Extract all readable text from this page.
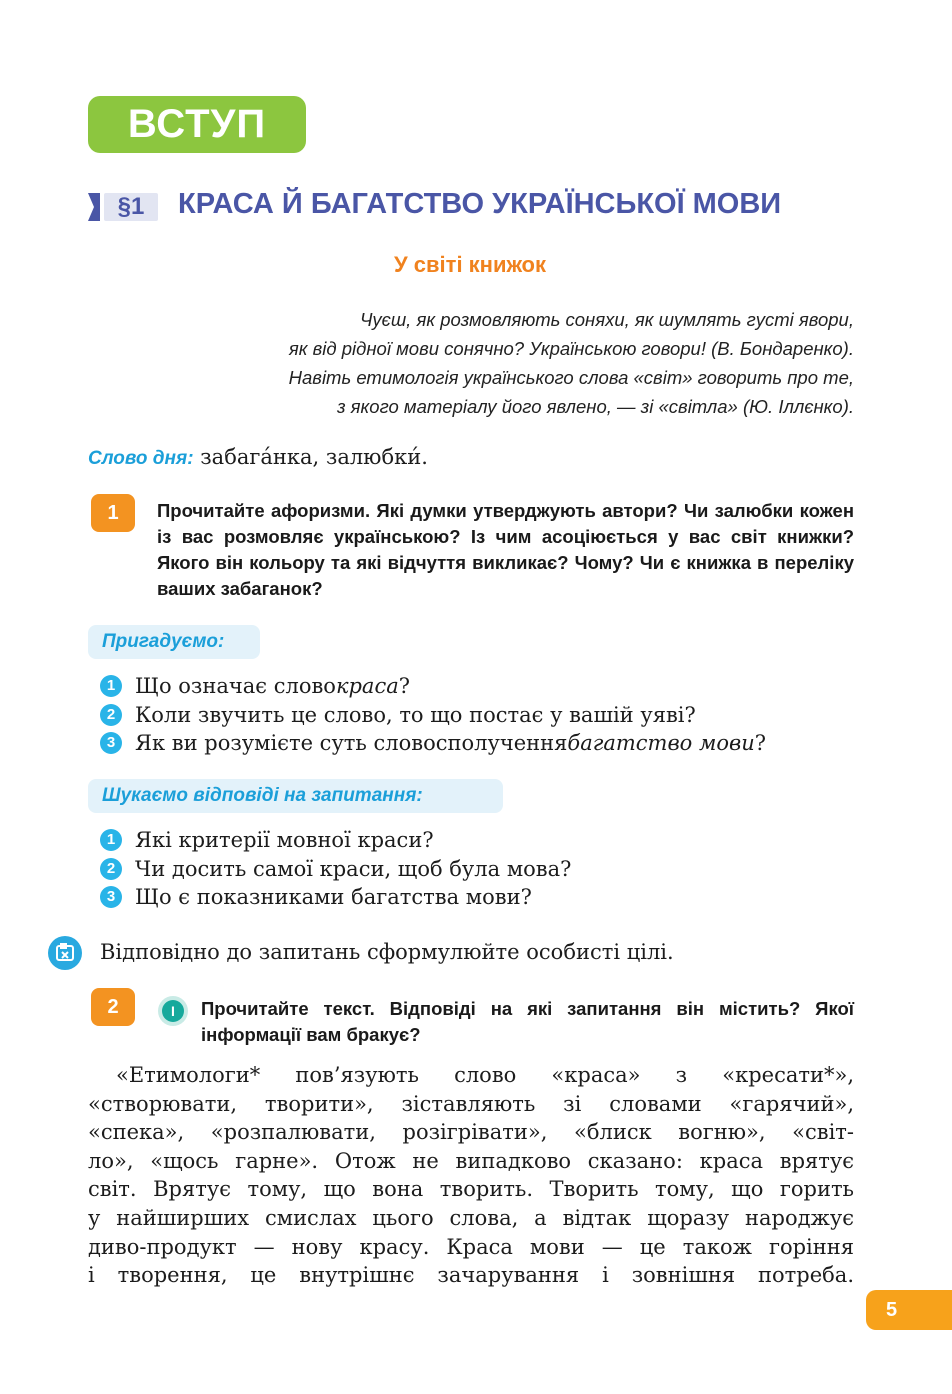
ВСТУП
§1	КРАСА Й БАГАТСТВО УКРАЇНСЬКОЇ МОВИ
У світі книжок
Чуєш, як розмовляють соняхи, як шумлять густі явори,
як від рідної мови сонячно? Українською говори! (В. Бондаренко).
Навіть етимологія українського слова «світ» говорить про те,
з якого матеріалу його явлено, — зі «світла» (Ю. Іллєнко).
Слово дня: забага́нка, залюбки́.
1	Прочитайте афоризми. Які думки утверджують автори? Чи залюбки кожен із вас розмовляє українською? Із чим асоціюється у вас світ книжки? Якого він кольору та які відчуття викликає? Чому? Чи є книжка в переліку ваших забаганок?
Пригадуємо:
1 Що означає слово краса ?
2 Коли звучить це слово, то що постає у вашій уяві?
3 Як ви розумієте суть словосполучення багатство мови ?
Шукаємо відповіді на запитання:
1 Які критерії мовної краси?
2 Чи досить самої краси, щоб була мова?
3 Що є показниками багатства мови?
Відповідно до запитань сформулюйте особисті цілі.
2	I	Прочитайте текст. Відповіді на які запитання він містить? Якої інформації вам бракує?
«Етимологи* пов’язують слово «краса» з «кресати*»,
«створювати, творити», зіставляють зі словами «гарячий»,
«спека», «розпалювати, розігрівати», «блиск вогню», «світ-
ло», «щось гарне». Отож не випадково сказано: краса врятує
світ. Врятує тому, що вона творить. Творить тому, що горить
у найширших смислах цього слова, а відтак щоразу народжує
диво-продукт — нову красу. Краса мови — це також горіння
і творення, це внутрішнє зачарування і зовнішня потреба.
5
